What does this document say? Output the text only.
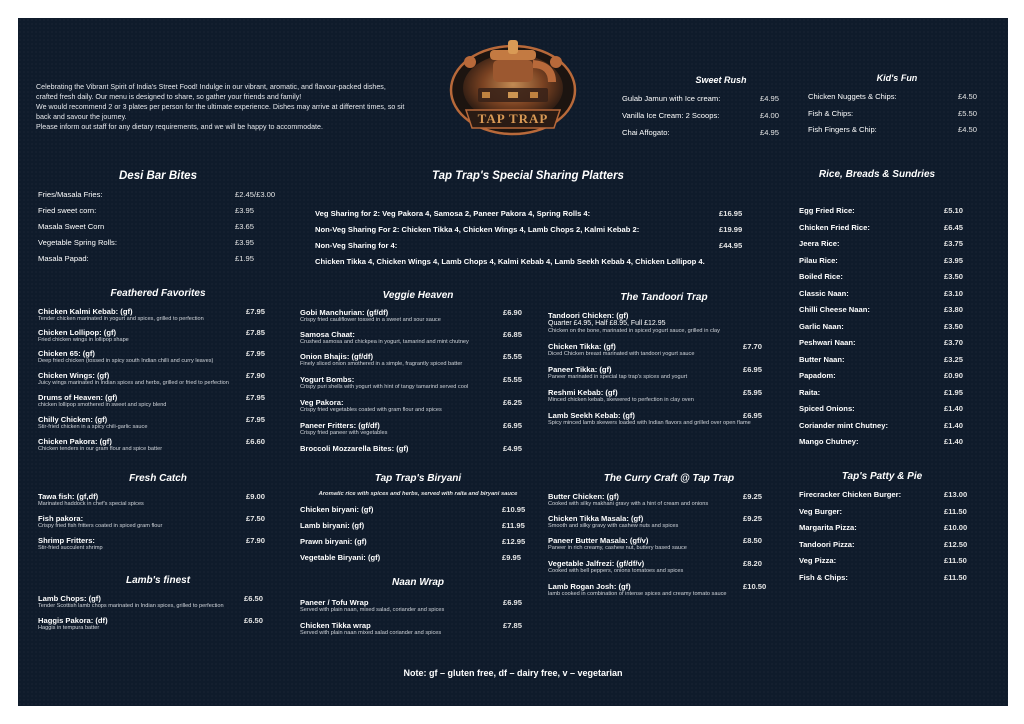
Celebrating the Vibrant Spirit of India's Street Food! Indulge in our vibrant, aromatic, and flavour-packed dishes, crafted fresh daily. Our menu is designed to share, so gather your friends and family!

We would recommend 2 or 3 plates per person for the ultimate experience. Dishes may arrive at different times, so sit back and savour the journey.

Please inform out staff for any dietary requirements, and we will be happy to accommodate.

TAP TRAP
Sweet Rush
Gulab Jamun with Ice cream:	£4.95
Vanilla Ice Cream: 2 Scoops:	£4.00
Chai Affogato:	£4.95
Kid's Fun
Chicken Nuggets & Chips:	£4.50
Fish & Chips:	£5.50
Fish Fingers & Chip:	£4.50
Desi Bar Bites
Fries/Masala Fries:	£2.45/£3.00
Fried sweet corn:	£3.95
Masala Sweet Corn	£3.65
Vegetable Spring Rolls:	£3.95
Masala Papad:	£1.95
Tap Trap's Special Sharing Platters
Veg Sharing for 2: Veg Pakora 4, Samosa 2, Paneer Pakora 4, Spring Rolls 4:	£16.95
Non-Veg Sharing For 2: Chicken Tikka 4, Chicken Wings 4, Lamb Chops 2, Kalmi Kebab 2:	£19.99
Non-Veg Sharing for 4:	£44.95
Chicken Tikka 4, Chicken Wings 4, Lamb Chops 4, Kalmi Kebab 4, Lamb Seekh Kebab 4, Chicken Lollipop 4.
Rice, Breads & Sundries
Egg Fried Rice:	£5.10
Chicken Fried Rice:	£6.45
Jeera Rice:	£3.75
Pilau Rice:	£3.95
Boiled Rice:	£3.50
Classic Naan:	£3.10
Chilli Cheese Naan:	£3.80
Garlic Naan:	£3.50
Peshwari Naan:	£3.70
Butter Naan:	£3.25
Papadom:	£0.90
Raita:	£1.95
Spiced Onions:	£1.40
Coriander mint Chutney:	£1.40
Mango Chutney:	£1.40
Feathered Favorites
Chicken Kalmi Kebab: (gf)	£7.95
Tender chicken marinated in yogurt and spices, grilled to perfection
Chicken Lollipop: (gf)	£7.85
Fried chicken wings in lollipop shape
Chicken 65: (gf)	£7.95
Deep fried chicken (tossed in spicy south Indian chilli and curry leaves)
Chicken Wings: (gf)	£7.90
Juicy wings marinated in Indian spices and herbs, grilled or fried to perfection
Drums of Heaven: (gf)	£7.95
chicken lollipop smothered in sweet and spicy blend
Chilly Chicken: (gf)	£7.95
Stir-fried chicken in a spicy chili-garlic sauce
Chicken Pakora: (gf)	£6.60
Chicken tenders in our gram flour and spice batter
Veggie Heaven
Gobi Manchurian: (gf/df)	£6.90
Crispy fried cauliflower tossed in a sweet and sour sauce
Samosa Chaat:	£6.85
Crushed samosa and chickpea in yogurt, tamarind and mint chutney
Onion Bhajis: (gf/df)	£5.55
Finely sliced onion smothered in a simple, fragrantly spiced batter
Yogurt Bombs:	£5.55
Crispy puri shells with yogurt with hint of tangy tamarind served cool
Veg Pakora:	£6.25
Crispy fried vegetables coated with gram flour and spices
Paneer Fritters: (gf/df)	£6.95
Crispy fried paneer with vegetables
Broccoli Mozzarella Bites: (gf)	£4.95
The Tandoori Trap
Tandoori Chicken: (gf)
Quarter £4.95, Half £8.95, Full £12.95
Chicken on the bone, marinated in spiced yogurt sauce, grilled in clay
Chicken Tikka: (gf)	£7.70
Diced Chicken breast marinated with tandoori yogurt sauce
Paneer Tikka: (gf)	£6.95
Paneer marinated in special tap trap's spices and yogurt
Reshmi Kebab: (gf)	£5.95
Minced chicken kebab, skewered to perfection in clay oven
Lamb Seekh Kebab: (gf)	£6.95
Spicy minced lamb skewers loaded with Indian flavors and grilled over open flame
Tap's Patty & Pie
Firecracker Chicken Burger:	£13.00
Veg Burger:	£11.50
Margarita Pizza:	£10.00
Tandoori Pizza:	£12.50
Veg Pizza:	£11.50
Fish & Chips:	£11.50
Fresh Catch
Tawa fish: (gf,df)	£9.00
Marinated haddock in chef's special spices
Fish pakora:	£7.50
Crispy fried fish fritters coated in spiced gram flour
Shrimp Fritters:	£7.90
Stir-fried succulent shrimp
Tap Trap's Biryani
Aromatic rice with spices and herbs, served with raita and biryani sauce
Chicken biryani: (gf)	£10.95
Lamb biryani: (gf)	£11.95
Prawn biryani: (gf)	£12.95
Vegetable Biryani: (gf)	£9.95
The Curry Craft @ Tap Trap
Butter Chicken: (gf)	£9.25
Cooked with silky makhani gravy with a hint of cream and onions
Chicken Tikka Masala: (gf)	£9.25
Smooth and silky gravy with cashew nuts and spices
Paneer Butter Masala: (gf/v)	£8.50
Paneer in rich creamy, cashew nut, buttery based sauce
Vegetable Jalfrezi: (gf/df/v)	£8.20
Cooked with bell peppers, onions tomatoes and spices
Lamb Rogan Josh: (gf)	£10.50
lamb cooked in combination of intense spices and creamy tomato sauce
Lamb's finest
Lamb Chops: (gf)	£6.50
Tender Scottish lamb chops marinated in Indian spices, grilled to perfection
Haggis Pakora: (df)	£6.50
Haggis in tempura batter
Naan Wrap
Paneer / Tofu Wrap	£6.95
Served with plain naan, mixed salad, coriander and spices
Chicken Tikka wrap	£7.85
Served with plain naan mixed salad coriander and spices
Note: gf – gluten free, df – dairy free, v – vegetarian
